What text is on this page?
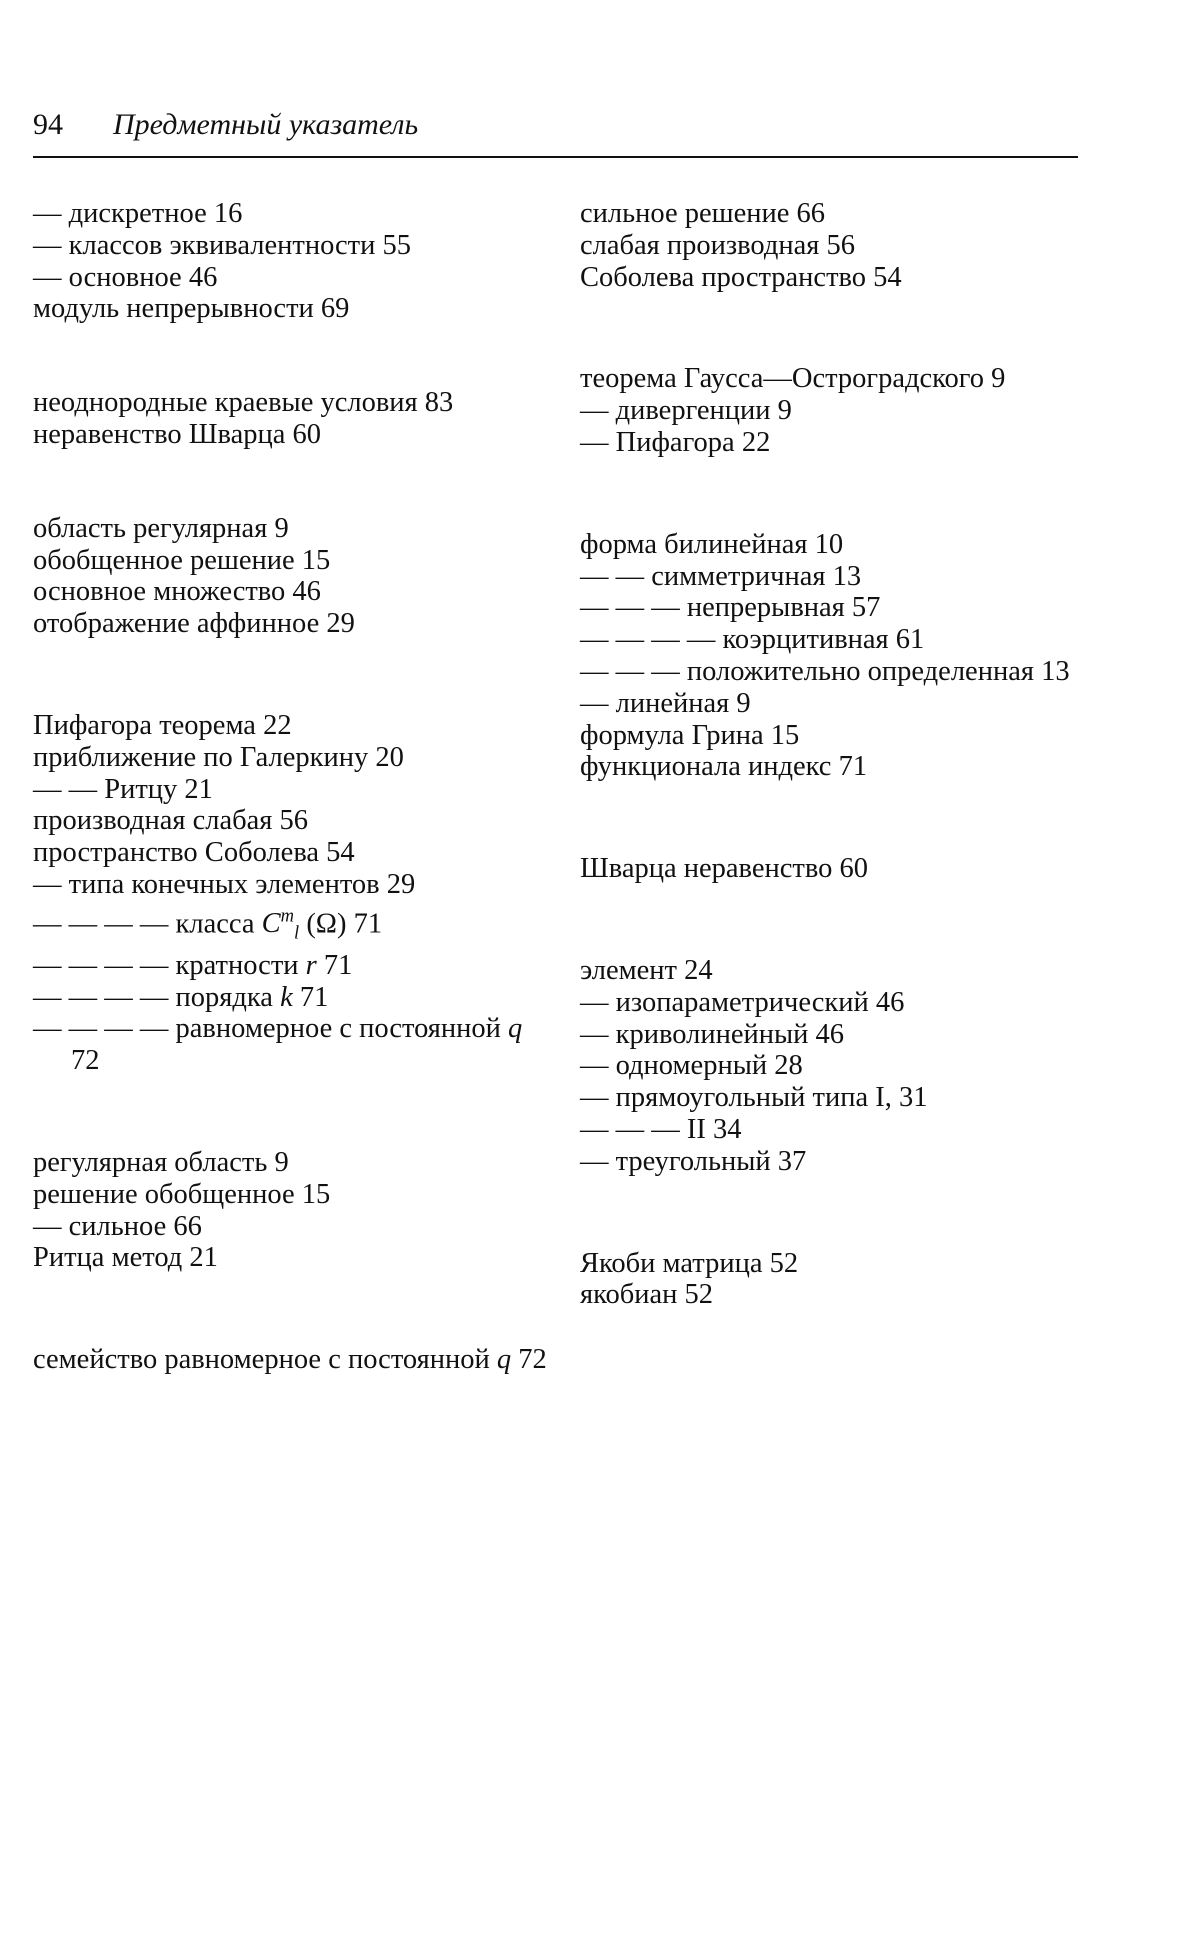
94 Предметный указатель
— дискретное 16
— классов эквивалентности 55
— основное 46
модуль непрерывности 69
неоднородные краевые условия 83
неравенство Шварца 60
область регулярная 9
обобщенное решение 15
основное множество 46
отображение аффинное 29
Пифагора теорема 22
приближение по Галеркину 20
— — Ритцу 21
производная слабая 56
пространство Соболева 54
— типа конечных элементов 29
— — — — класса $C^m_l$ (Ω) 71
— — — — кратности r 71
— — — — порядка k 71
— — — — равномерное с постоянной q 72
регулярная область 9
решение обобщенное 15
— сильное 66
Ритца метод 21
семейство равномерное с постоянной q 72
сильное решение 66
слабая производная 56
Соболева пространство 54
теорема Гаусса—Остроградского 9
— дивергенции 9
— Пифагора 22
форма билинейная 10
— — симметричная 13
— — — непрерывная 57
— — — — коэрцитивная 61
— — — положительно определенная 13
— линейная 9
формула Грина 15
функционала индекс 71
Шварца неравенство 60
элемент 24
— изопараметрический 46
— криволинейный 46
— одномерный 28
— прямоугольный типа I, 31
— — — II 34
— треугольный 37
Якоби матрица 52
якобиан 52
